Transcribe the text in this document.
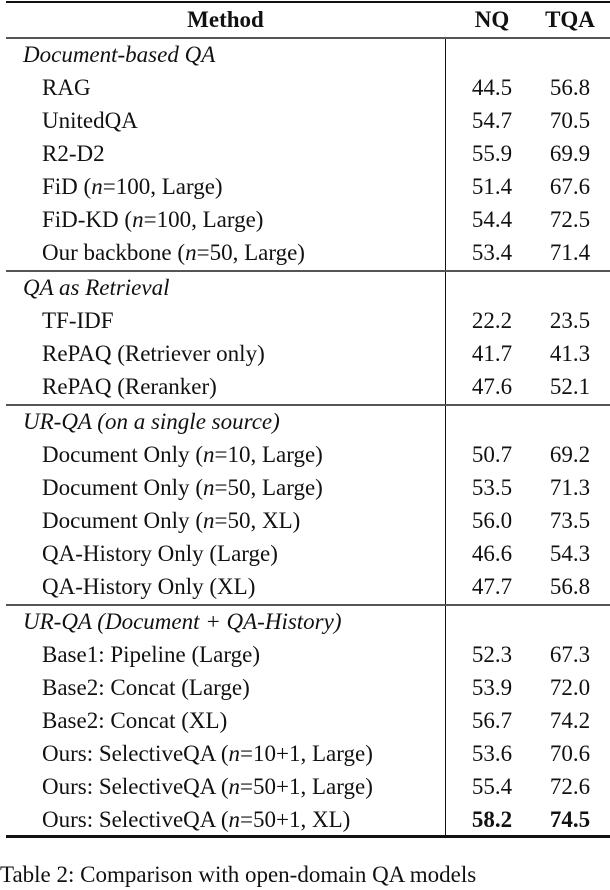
Method	NQ	TQA
Document-based QA
RAG	44.5	56.8
UnitedQA	54.7	70.5
R2-D2	55.9	69.9
FiD (n=100, Large)	51.4	67.6
FiD-KD (n=100, Large)	54.4	72.5
Our backbone (n=50, Large)	53.4	71.4
QA as Retrieval
TF-IDF	22.2	23.5
RePAQ (Retriever only)	41.7	41.3
RePAQ (Reranker)	47.6	52.1
UR-QA (on a single source)
Document Only (n=10, Large)	50.7	69.2
Document Only (n=50, Large)	53.5	71.3
Document Only (n=50, XL)	56.0	73.5
QA-History Only (Large)	46.6	54.3
QA-History Only (XL)	47.7	56.8
UR-QA (Document + QA-History)
Base1: Pipeline (Large)	52.3	67.3
Base2: Concat (Large)	53.9	72.0
Base2: Concat (XL)	56.7	74.2
Ours: SelectiveQA (n=10+1, Large)	53.6	70.6
Ours: SelectiveQA (n=50+1, Large)	55.4	72.6
Ours: SelectiveQA (n=50+1, XL)	58.2	74.5
Table 2: Comparison with open-domain QA models
